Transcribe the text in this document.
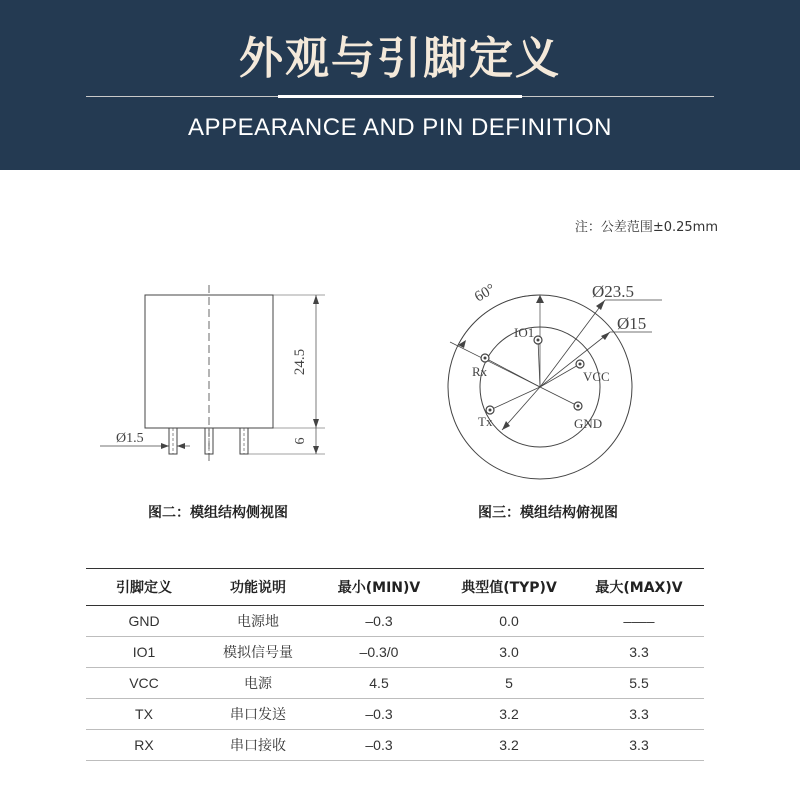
外观与引脚定义
APPEARANCE AND PIN DEFINITION
注：公差范围±0.25mm
24.5
6
Ø1.5
图二：模组结构侧视图
60°	Ø23.5
Ø15
IO1
Rx	VCC
Tx	GND
图三：模组结构俯视图
引脚定义	功能说明	最小(MIN)V	典型值(TYP)V	最大(MAX)V
GND	电源地	–0.3	0.0	––––
IO1	模拟信号量	–0.3/0	3.0	3.3
VCC	电源	4.5	5	5.5
TX	串口发送	–0.3	3.2	3.3
RX	串口接收	–0.3	3.2	3.3
